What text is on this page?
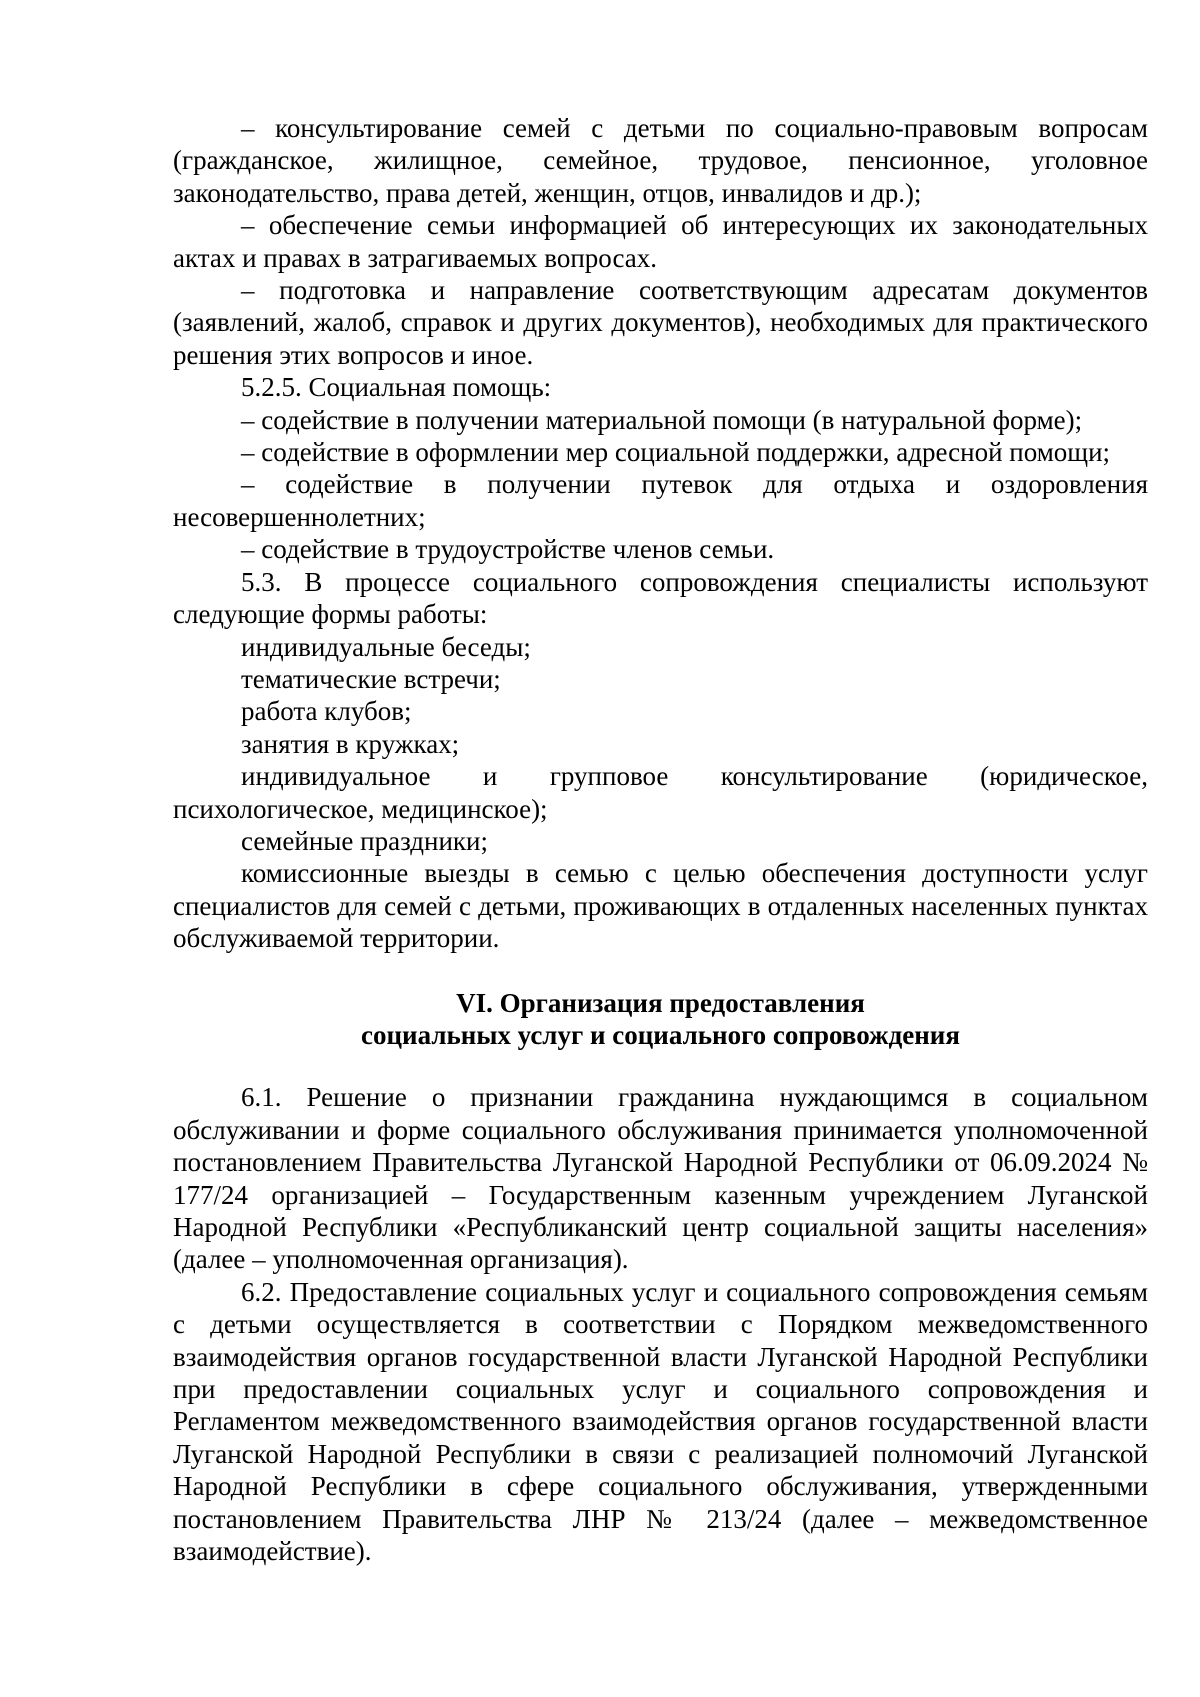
– консультирование семей с детьми по социально-правовым вопросам (гражданское, жилищное, семейное, трудовое, пенсионное, уголовное законодательство, права детей, женщин, отцов, инвалидов и др.);

– обеспечение семьи информацией об интересующих их законодательных актах и правах в затрагиваемых вопросах.

– подготовка и направление соответствующим адресатам документов (заявлений, жалоб, справок и других документов), необходимых для практического решения этих вопросов и иное.

5.2.5. Социальная помощь:

– содействие в получении материальной помощи (в натуральной форме);

– содействие в оформлении мер социальной поддержки, адресной помощи;

– содействие в получении путевок для отдыха и оздоровления несовершеннолетних;

– содействие в трудоустройстве членов семьи.

5.3. В процессе социального сопровождения специалисты используют следующие формы работы:

индивидуальные беседы;

тематические встречи;

работа клубов;

занятия в кружках;

индивидуальное и групповое консультирование (юридическое, психологическое, медицинское);

семейные праздники;

комиссионные выезды в семью с целью обеспечения доступности услуг специалистов для семей с детьми, проживающих в отдаленных населенных пунктах обслуживаемой территории.

VI. Организация предоставления

социальных услуг и социального сопровождения

6.1. Решение о признании гражданина нуждающимся в социальном обслуживании и форме социального обслуживания принимается уполномоченной постановлением Правительства Луганской Народной Республики от 06.09.2024 № 177/24 организацией – Государственным казенным учреждением Луганской Народной Республики «Республиканский центр социальной защиты населения» (далее – уполномоченная организация).

6.2. Предоставление социальных услуг и социального сопровождения семьям с детьми осуществляется в соответствии с Порядком межведомственного взаимодействия органов государственной власти Луганской Народной Республики при предоставлении социальных услуг и социального сопровождения и Регламентом межведомственного взаимодействия органов государственной власти Луганской Народной Республики в связи с реализацией полномочий Луганской Народной Республики в сфере социального обслуживания, утвержденными постановлением Правительства ЛНР № 213/24 (далее – межведомственное взаимодействие).
